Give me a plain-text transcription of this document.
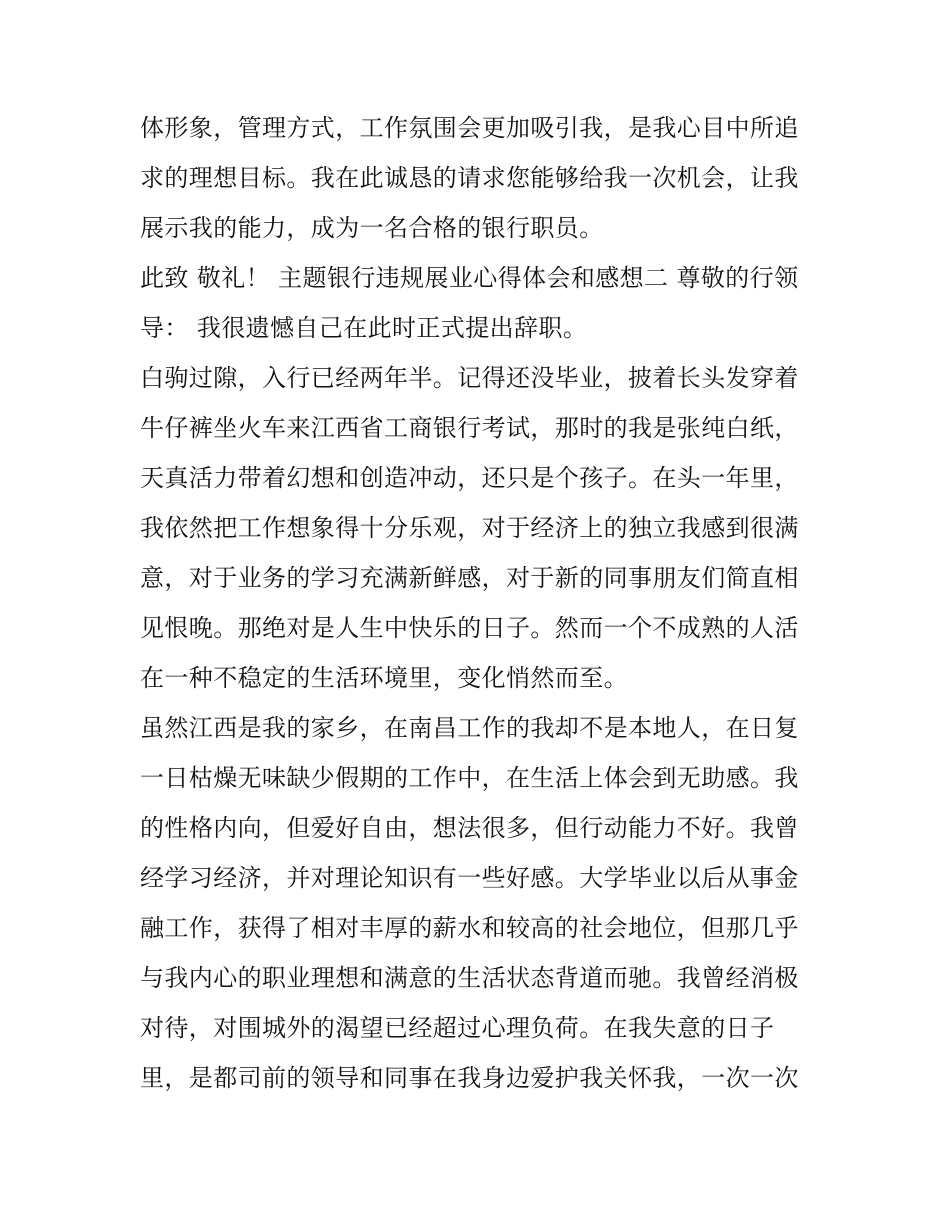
体形象，管理方式，工作氛围会更加吸引我，是我心目中所追
求的理想目标。我在此诚恳的请求您能够给我一次机会，让我
展示我的能力，成为一名合格的银行职员。
此致 敬礼！ 主题银行违规展业心得体会和感想二 尊敬的行领
导： 我很遗憾自己在此时正式提出辞职。
白驹过隙，入行已经两年半。记得还没毕业，披着长头发穿着
牛仔裤坐火车来江西省工商银行考试，那时的我是张纯白纸，
天真活力带着幻想和创造冲动，还只是个孩子。在头一年里，
我依然把工作想象得十分乐观，对于经济上的独立我感到很满
意，对于业务的学习充满新鲜感，对于新的同事朋友们简直相
见恨晚。那绝对是人生中快乐的日子。然而一个不成熟的人活
在一种不稳定的生活环境里，变化悄然而至。
虽然江西是我的家乡，在南昌工作的我却不是本地人，在日复
一日枯燥无味缺少假期的工作中，在生活上体会到无助感。我
的性格内向，但爱好自由，想法很多，但行动能力不好。我曾
经学习经济，并对理论知识有一些好感。大学毕业以后从事金
融工作，获得了相对丰厚的薪水和较高的社会地位，但那几乎
与我内心的职业理想和满意的生活状态背道而驰。我曾经消极
对待，对围城外的渴望已经超过心理负荷。在我失意的日子
里，是都司前的领导和同事在我身边爱护我关怀我，一次一次
